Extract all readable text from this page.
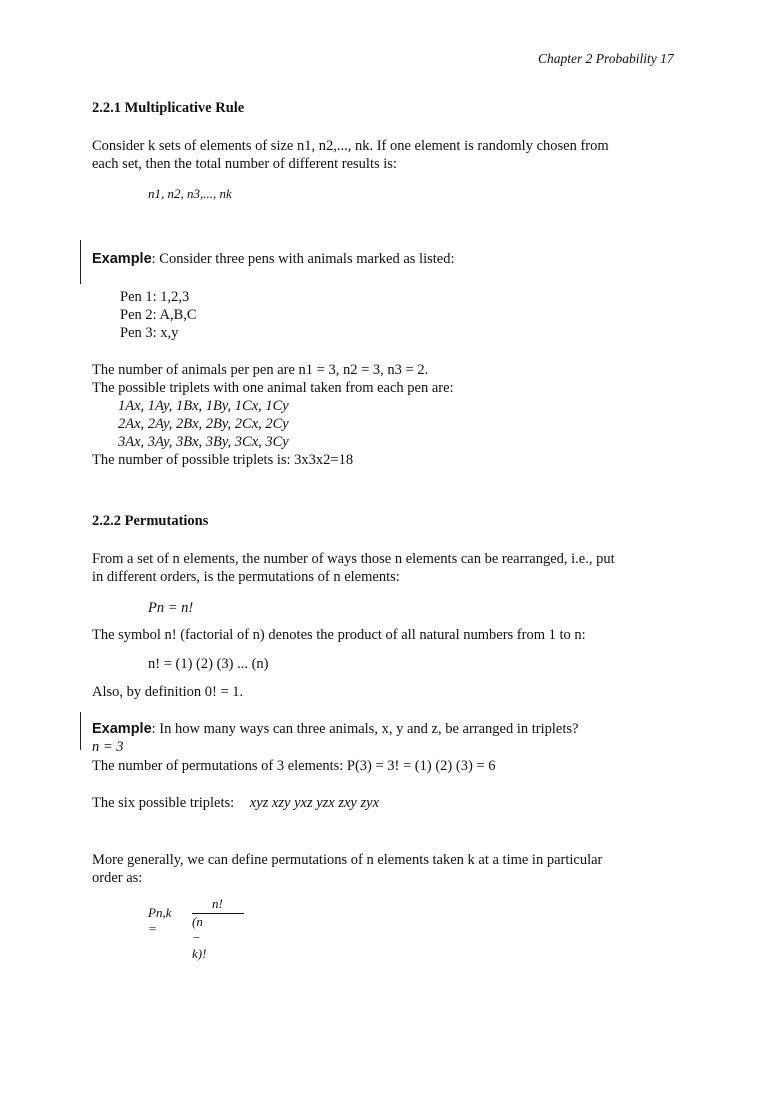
Chapter 2 Probability 17
2.2.1 Multiplicative Rule
Consider k sets of elements of size n1, n2,..., nk. If one element is randomly chosen from
each set, then the total number of different results is:
n1, n2, n3,..., nk
Example: Consider three pens with animals marked as listed:
Pen 1: 1,2,3
Pen 2: A,B,C
Pen 3: x,y
The number of animals per pen are n1 = 3, n2 = 3, n3 = 2.
The possible triplets with one animal taken from each pen are:
1Ax, 1Ay, 1Bx, 1By, 1Cx, 1Cy
2Ax, 2Ay, 2Bx, 2By, 2Cx, 2Cy
3Ax, 3Ay, 3Bx, 3By, 3Cx, 3Cy
The number of possible triplets is: 3x3x2=18
2.2.2 Permutations
From a set of n elements, the number of ways those n elements can be rearranged, i.e., put
in different orders, is the permutations of n elements:
Pn = n!
The symbol n! (factorial of n) denotes the product of all natural numbers from 1 to n:
n! = (1) (2) (3) ... (n)
Also, by definition 0! = 1.
Example: In how many ways can three animals, x, y and z, be arranged in triplets?
n = 3
The number of permutations of 3 elements: P(3) = 3! = (1) (2) (3) = 6
The six possible triplets: xyz xzy yxz yzx zxy zyx
More generally, we can define permutations of n elements taken k at a time in particular
order as:
Pn,k =
n!
(n − k)!
